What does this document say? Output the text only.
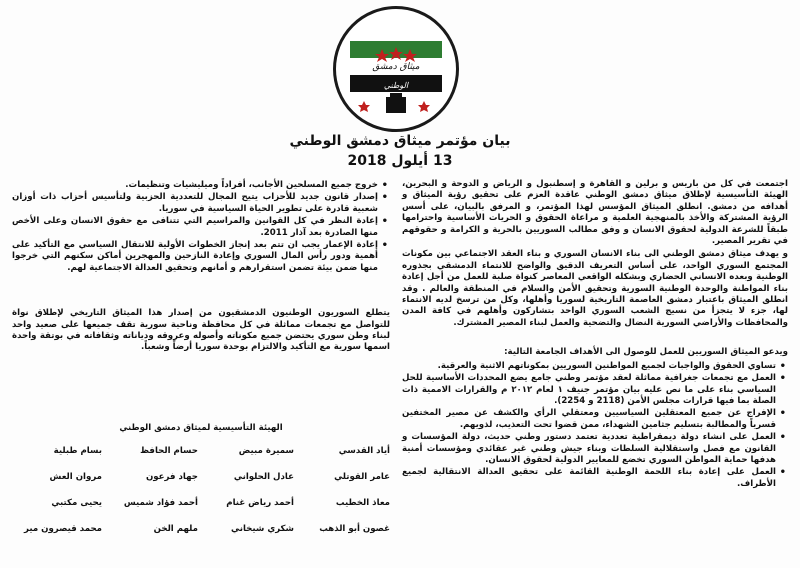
ميثاق دمشق
الوطني
بيان مؤتمر ميثاق دمشق الوطني
13 أيلول 2018

اجتمعت في كل من باريس و برلين و القاهرة و إسطنبول و الرياض و الدوحة و البحرين، الهيئة التأسيسية لإطلاق ميثاق دمشق الوطني عاقدة العزم على تحقيق رؤية الميثاق و أهدافه من دمشق. انطلق الميثاق المؤسس لهذا المؤتمر، و المرفق بالبيان، على أسس الرؤية المشتركة والأخذ بالمنهجية العلمية و مراعاة الحقوق و الحريات الأساسية واحترامها طبقاً للشرعة الدولية لحقوق الانسان و وفق مطالب السوريين بالحرية و الكرامة و حقوقهم في تقرير المصير.

و يهدف ميثاق دمشق الوطني الى بناء الانسان السوري و بناء العقد الاجتماعي بين مكونات المجتمع السوري الواحد، على أساس التعريف الدقيق والواضح للانتماء الدمشقي بجذوره الوطنية وبعده الانساني الحضاري وبشكله الواقعي المعاصر كنواة صلبة للعمل من أجل إعادة بناء المواطنة والوحدة الوطنية السورية وتحقيق الأمن والسلام في المنطقة والعالم . وقد انطلق الميثاق باعتبار دمشق العاصمة التاريخية لسوريا وأهلها، وكل من ترسخ لديه الانتماء لها، جزء لا يتجزأ من نسيج الشعب السوري الواحد بتشاركون وأهلهم في كافة المدن والمحافظات والأراضي السورية النضال والتضحية والعمل لبناء المصير المشترك.

ويدعو الميثاق السوريين للعمل للوصول الى الأهداف الجامعة التالية:

• تساوي الحقوق والواجبات لجميع المواطنين السوريين بمكوناتهم الاثنية والعرقية.
• العمل مع تجمعات جغرافية مماثلة لعقد مؤتمر وطني جامع يضع المحددات الأساسية للحل السياسي بناء على ما نص عليه بيان مؤتمر جنيف ١ لعام ٢٠١٢ م والقرارات الاممية ذات الصلة بما فيها قرارات مجلس الأمن (2118 و 2254).
• الإفراج عن جميع المعتقلين السياسيين ومعتقلي الرأي والكشف عن مصير المختفين قسرياً والمطالبة بتسليم جثامين الشهداء، ممن قضوا تحت التعذيب، لذويهم.
• العمل على انشاء دولة ديمقراطية تعددية تعتمد دستور وطني حديث، دولة المؤسسات و القانون مع فصل واستقلالية السلطات وبناء جيش وطني غير عقائدي ومؤسسات أمنية هدفها حماية المواطن السوري تخضع للمعايير الدولية لحقوق الانسان.
• العمل على إعادة بناء اللحمة الوطنية القائمة على تحقيق العدالة الانتقالية لجميع الأطراف.
• خروج جميع المسلحين الأجانب، أفراداً وميليشيات وتنظيمات.
• إصدار قانون جديد للأحزاب يتيح المجال للتعددية الحزبية ولتأسيس أحزاب ذات أوزان شعبية قادرة على تطوير الحياة السياسية في سوريا.
• إعادة النظر في كل القوانين والمراسيم التي تتنافى مع حقوق الانسان وعلى الأخص منها الصادرة بعد آذار 2011.
• إعادة الإعمار يجب ان تتم بعد إنجاز الخطوات الأولية للانتقال السياسي مع التأكيد على أهمية ودور رأس المال السوري وإعادة النازحين والمهجرين أماكن سكنهم التي خرجوا منها ضمن بيئة تضمن استقرارهم و أمانهم وتحقيق العدالة الاجتماعية لهم.

يتطلع السوريون الوطنيون الدمشقيون من إصدار هذا الميثاق التاريخي لإطلاق نواة للتواصل مع تجمعات مماثلة في كل محافظة وناحية سورية تقف جميعها على صعيد واحد لبناء وطن سوري يحتضن جميع مكوناته وأصوله وعروقه ودياناته وثقافاته في بوتقة واحدة اسمها سورية مع التأكيد والالتزام بوحدة سوريا أرضاً وشعباً.

الهيئة التأسيسية لميثاق دمشق الوطني
أياد القدسي
سميرة مبيض
حسام الحافظ
بسام طبلية
عامر القوتلي
عادل الحلواني
جهاد فرعون
مروان العش
معاذ الخطيب
أحمد رياض غنام
أحمد فؤاد شميس
يحيى مكتبي
غصون أبو الذهب
شكري شيخاني
ملهم الخن
محمد قيصرون مير
